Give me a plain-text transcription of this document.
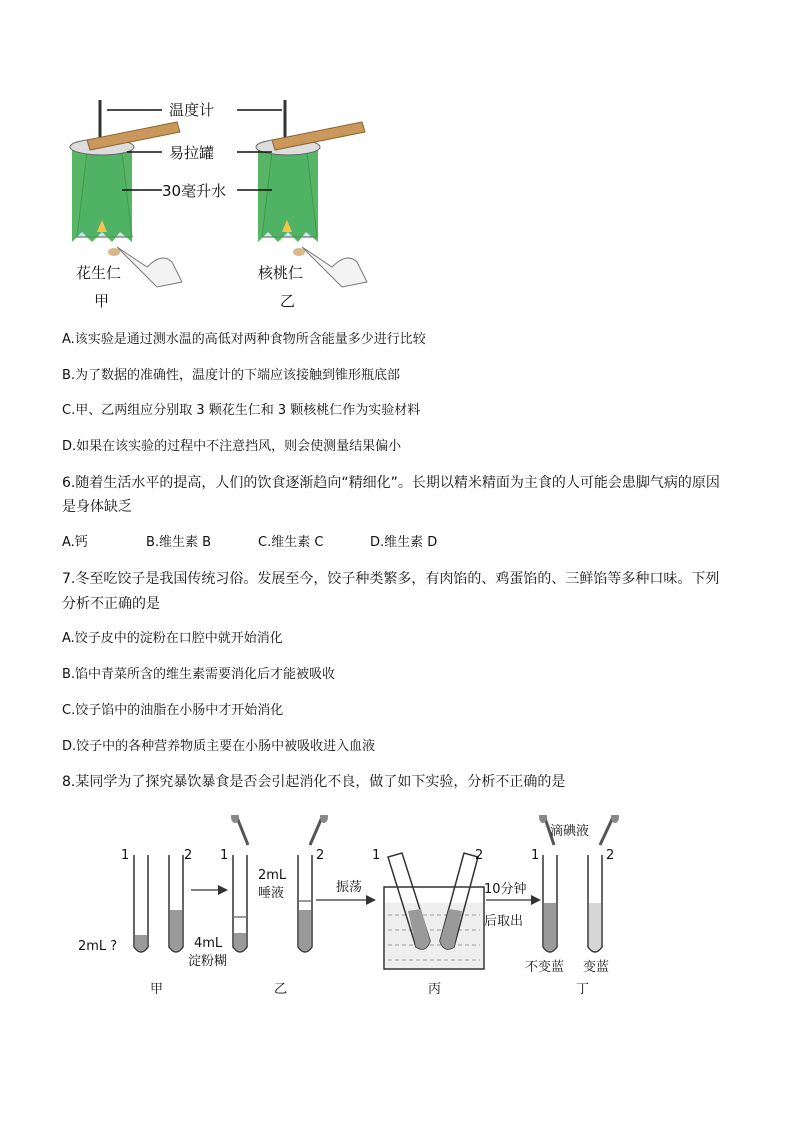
温度计
易拉罐
30毫升水
花生仁	核桃仁
甲	乙
A.该实验是通过测水温的高低对两种食物所含能量多少进行比较
B.为了数据的准确性，温度计的下端应该接触到锥形瓶底部
C.甲、乙两组应分别取 3 颗花生仁和 3 颗核桃仁作为实验材料
D.如果在该实验的过程中不注意挡风，则会使测量结果偏小
6.随着生活水平的提高，人们的饮食逐渐趋向“精细化”。长期以精米精面为主食的人可能会患脚气病的原因
是身体缺乏
A.钙	B.维生素 B	C.维生素 C	D.维生素 D
7.冬至吃饺子是我国传统习俗。发展至今，饺子种类繁多，有肉馅的、鸡蛋馅的、三鲜馅等多种口味。下列
分析不正确的是
A.饺子皮中的淀粉在口腔中就开始消化
B.馅中青菜所含的维生素需要消化后才能被吸收
C.饺子馅中的油脂在小肠中才开始消化
D.饺子中的各种营养物质主要在小肠中被吸收进入血液
8.某同学为了探究暴饮暴食是否会引起消化不良，做了如下实验，分析不正确的是
1	2
2mL ?
1	2
2mL
唾液
4mL
淀粉糊
振荡
1	2
10分钟
后取出
滴碘液
1	2
不变蓝 变蓝
甲	乙	丙	丁
